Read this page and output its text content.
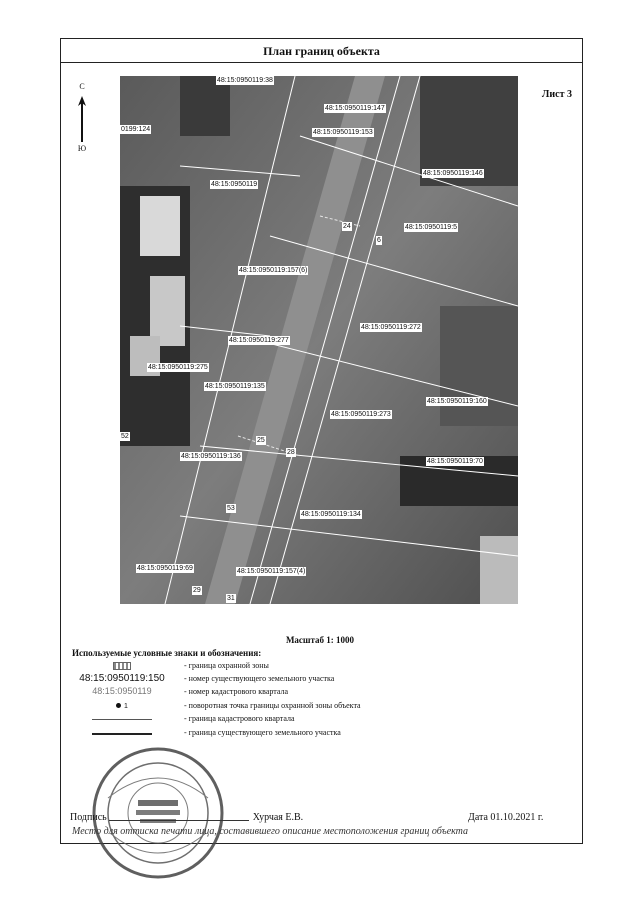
План границ объекта
Лист 3
С
Ю
48:15:0950119:38
48:15:0950119:147
48:15:0950119:153
0199:124
48:15:0950119:146
48:15:0950119
48:15:0950119:5
48:15:0950119:157(6)
48:15:0950119:272
48:15:0950119:277
48:15:0950119:275
48:15:0950119:135
48:15:0950119:160
48:15:0950119:273
48:15:0950119:136
48:15:0950119:70
48:15:0950119:134
48:15:0950119:69	48:15:0950119:157(4)
24
6
52
25
28
53
29
31
Масштаб 1: 1000
Используемые условные знаки и обозначения:
- граница охранной зоны
48:15:0950119:150	- номер существующего земельного участка
48:15:0950119	- номер кадастрового квартала
1	- поворотная точка границы охранной зоны объекта
- граница кадастрового квартала
- граница существующего земельного участка
Подпись	Хурчая Е.В.	Дата 01.10.2021 г.
Место для оттиска печати лица, составившего описание местоположения границ объекта
